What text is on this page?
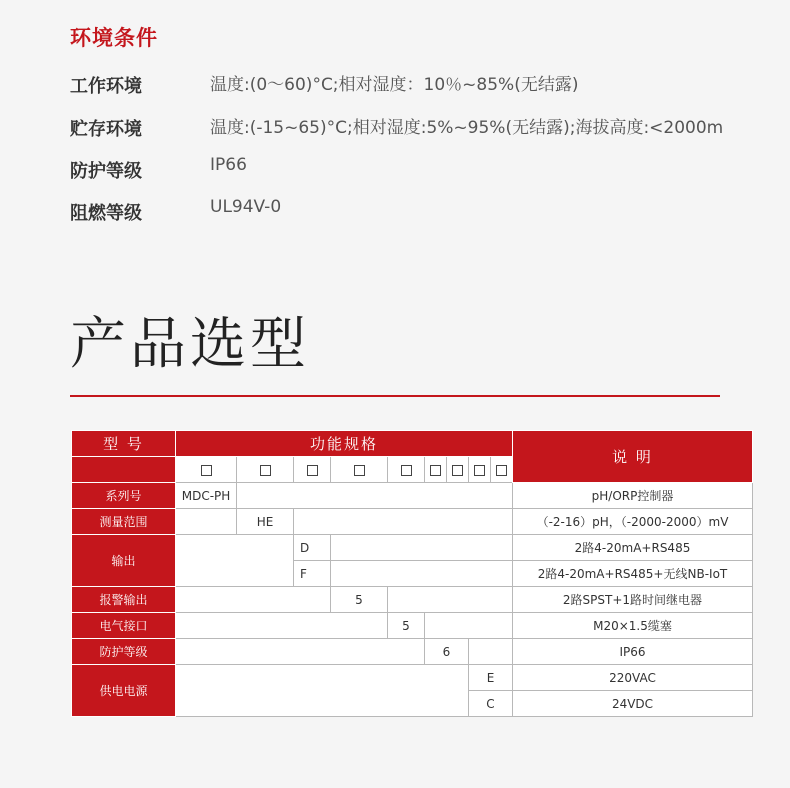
环境条件
工作环境	温度:(0～60)°C;相对湿度：10％~85%(无结露)
贮存环境	温度:(-15~65)°C;相对湿度:5%~95%(无结露);海拔高度:<2000m
防护等级	IP66
阻燃等级	UL94V-0
产品选型
型 号	功能规格									说 明

系列号	MDC-PH									pH/ORP控制器
测量范围		HE								（-2-16）pH，（-2000-2000）mV
输出			D							2路4-20mA+RS485
			F							2路4-20mA+RS485+无线NB-IoT
报警输出				5						2路SPST+1路时间继电器
电气接口					5					M20×1.5缆塞
防护等级						6				IP66
供电电源								E		220VAC
								C		24VDC
